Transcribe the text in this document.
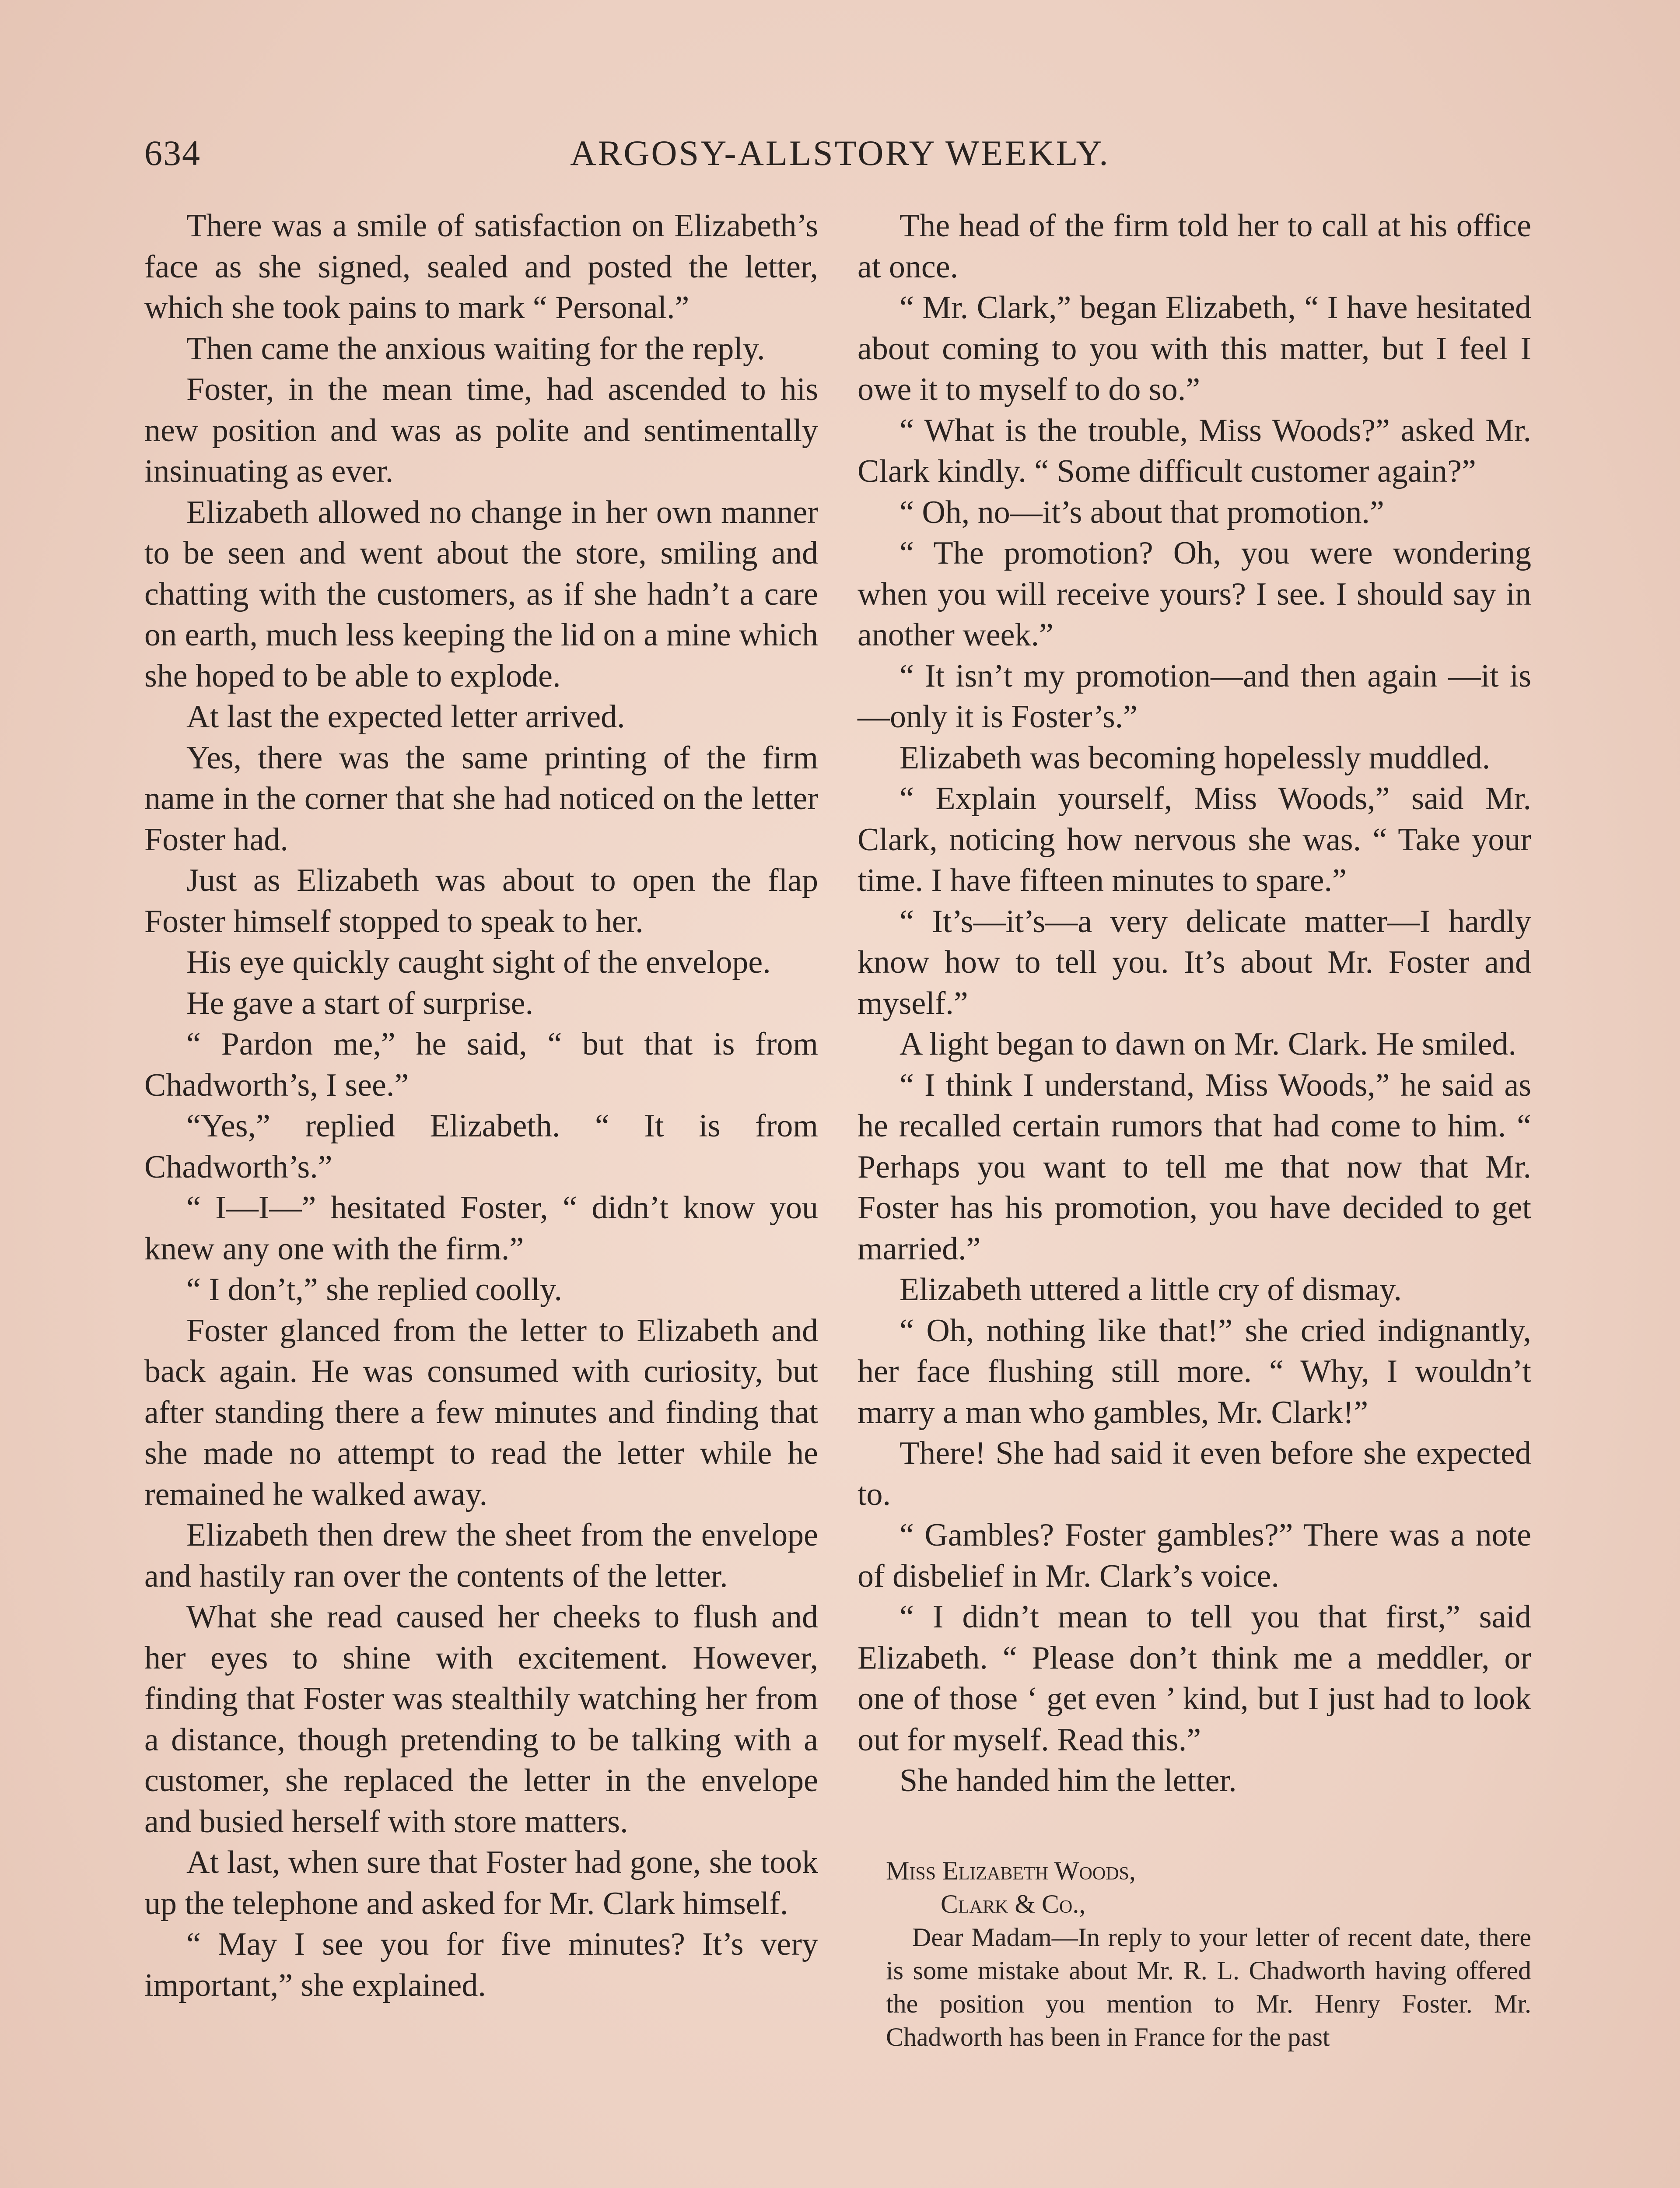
634	ARGOSY-ALLSTORY WEEKLY.

There was a smile of satisfaction on Elizabeth’s face as she signed, sealed and posted the letter, which she took pains to mark “ Personal.”

Then came the anxious waiting for the reply.

Foster, in the mean time, had ascended to his new position and was as polite and sentimentally insinuating as ever.

Elizabeth allowed no change in her own manner to be seen and went about the store, smiling and chatting with the customers, as if she hadn’t a care on earth, much less keeping the lid on a mine which she hoped to be able to explode.

At last the expected letter arrived.

Yes, there was the same printing of the firm name in the corner that she had noticed on the letter Foster had.

Just as Elizabeth was about to open the flap Foster himself stopped to speak to her.

His eye quickly caught sight of the envelope.

He gave a start of surprise.

“ Pardon me,” he said, “ but that is from Chadworth’s, I see.”

“Yes,” replied Elizabeth. “ It is from Chadworth’s.”

“ I—I—” hesitated Foster, “ didn’t know you knew any one with the firm.”

“ I don’t,” she replied coolly.

Foster glanced from the letter to Elizabeth and back again. He was consumed with curiosity, but after standing there a few minutes and finding that she made no attempt to read the letter while he remained he walked away.

Elizabeth then drew the sheet from the envelope and hastily ran over the contents of the letter.

What she read caused her cheeks to flush and her eyes to shine with excitement. However, finding that Foster was stealthily watching her from a distance, though pretending to be talking with a customer, she replaced the letter in the envelope and busied herself with store matters.

At last, when sure that Foster had gone, she took up the telephone and asked for Mr. Clark himself.

“ May I see you for five minutes? It’s very important,” she explained.

The head of the firm told her to call at his office at once.

“ Mr. Clark,” began Elizabeth, “ I have hesitated about coming to you with this matter, but I feel I owe it to myself to do so.”

“ What is the trouble, Miss Woods?” asked Mr. Clark kindly. “ Some difficult customer again?”

“ Oh, no—it’s about that promotion.”

“ The promotion? Oh, you were wondering when you will receive yours? I see. I should say in another week.”

“ It isn’t my promotion—and then again —it is—only it is Foster’s.”

Elizabeth was becoming hopelessly muddled.

“ Explain yourself, Miss Woods,” said Mr. Clark, noticing how nervous she was. “ Take your time. I have fifteen minutes to spare.”

“ It’s—it’s—a very delicate matter—I hardly know how to tell you. It’s about Mr. Foster and myself.”

A light began to dawn on Mr. Clark. He smiled.

“ I think I understand, Miss Woods,” he said as he recalled certain rumors that had come to him. “ Perhaps you want to tell me that now that Mr. Foster has his promotion, you have decided to get married.”

Elizabeth uttered a little cry of dismay.

“ Oh, nothing like that!” she cried indignantly, her face flushing still more. “ Why, I wouldn’t marry a man who gambles, Mr. Clark!”

There! She had said it even before she expected to.

“ Gambles? Foster gambles?” There was a note of disbelief in Mr. Clark’s voice.

“ I didn’t mean to tell you that first,” said Elizabeth. “ Please don’t think me a meddler, or one of those ‘ get even ’ kind, but I just had to look out for myself. Read this.”

She handed him the letter.

Miss Elizabeth Woods,
Clark & Co.,

Dear Madam—In reply to your letter of recent date, there is some mistake about Mr. R. L. Chadworth having offered the position you mention to Mr. Henry Foster. Mr. Chadworth has been in France for the past
